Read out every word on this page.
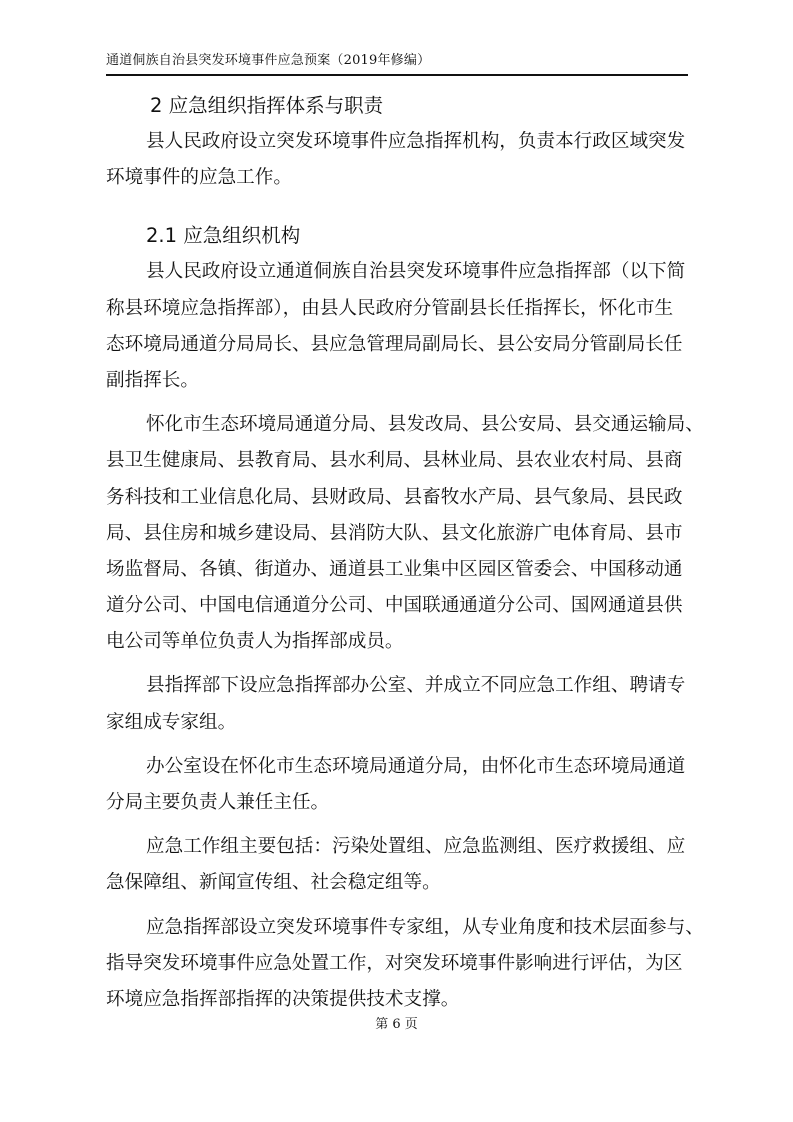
通道侗族自治县突发环境事件应急预案（2019年修编）
2 应急组织指挥体系与职责
县人民政府设立突发环境事件应急指挥机构，负责本行政区域突发
环境事件的应急工作。
2.1 应急组织机构
县人民政府设立通道侗族自治县突发环境事件应急指挥部（以下简
称县环境应急指挥部），由县人民政府分管副县长任指挥长，怀化市生
态环境局通道分局局长、县应急管理局副局长、县公安局分管副局长任
副指挥长。
怀化市生态环境局通道分局、县发改局、县公安局、县交通运输局、
县卫生健康局、县教育局、县水利局、县林业局、县农业农村局、县商
务科技和工业信息化局、县财政局、县畜牧水产局、县气象局、县民政
局、县住房和城乡建设局、县消防大队、县文化旅游广电体育局、县市
场监督局、各镇、街道办、通道县工业集中区园区管委会、中国移动通
道分公司、中国电信通道分公司、中国联通通道分公司、国网通道县供
电公司等单位负责人为指挥部成员。
县指挥部下设应急指挥部办公室、并成立不同应急工作组、聘请专
家组成专家组。
办公室设在怀化市生态环境局通道分局，由怀化市生态环境局通道
分局主要负责人兼任主任。
应急工作组主要包括：污染处置组、应急监测组、医疗救援组、应
急保障组、新闻宣传组、社会稳定组等。
应急指挥部设立突发环境事件专家组，从专业角度和技术层面参与、
指导突发环境事件应急处置工作，对突发环境事件影响进行评估，为区
环境应急指挥部指挥的决策提供技术支撑。
第 6 页
